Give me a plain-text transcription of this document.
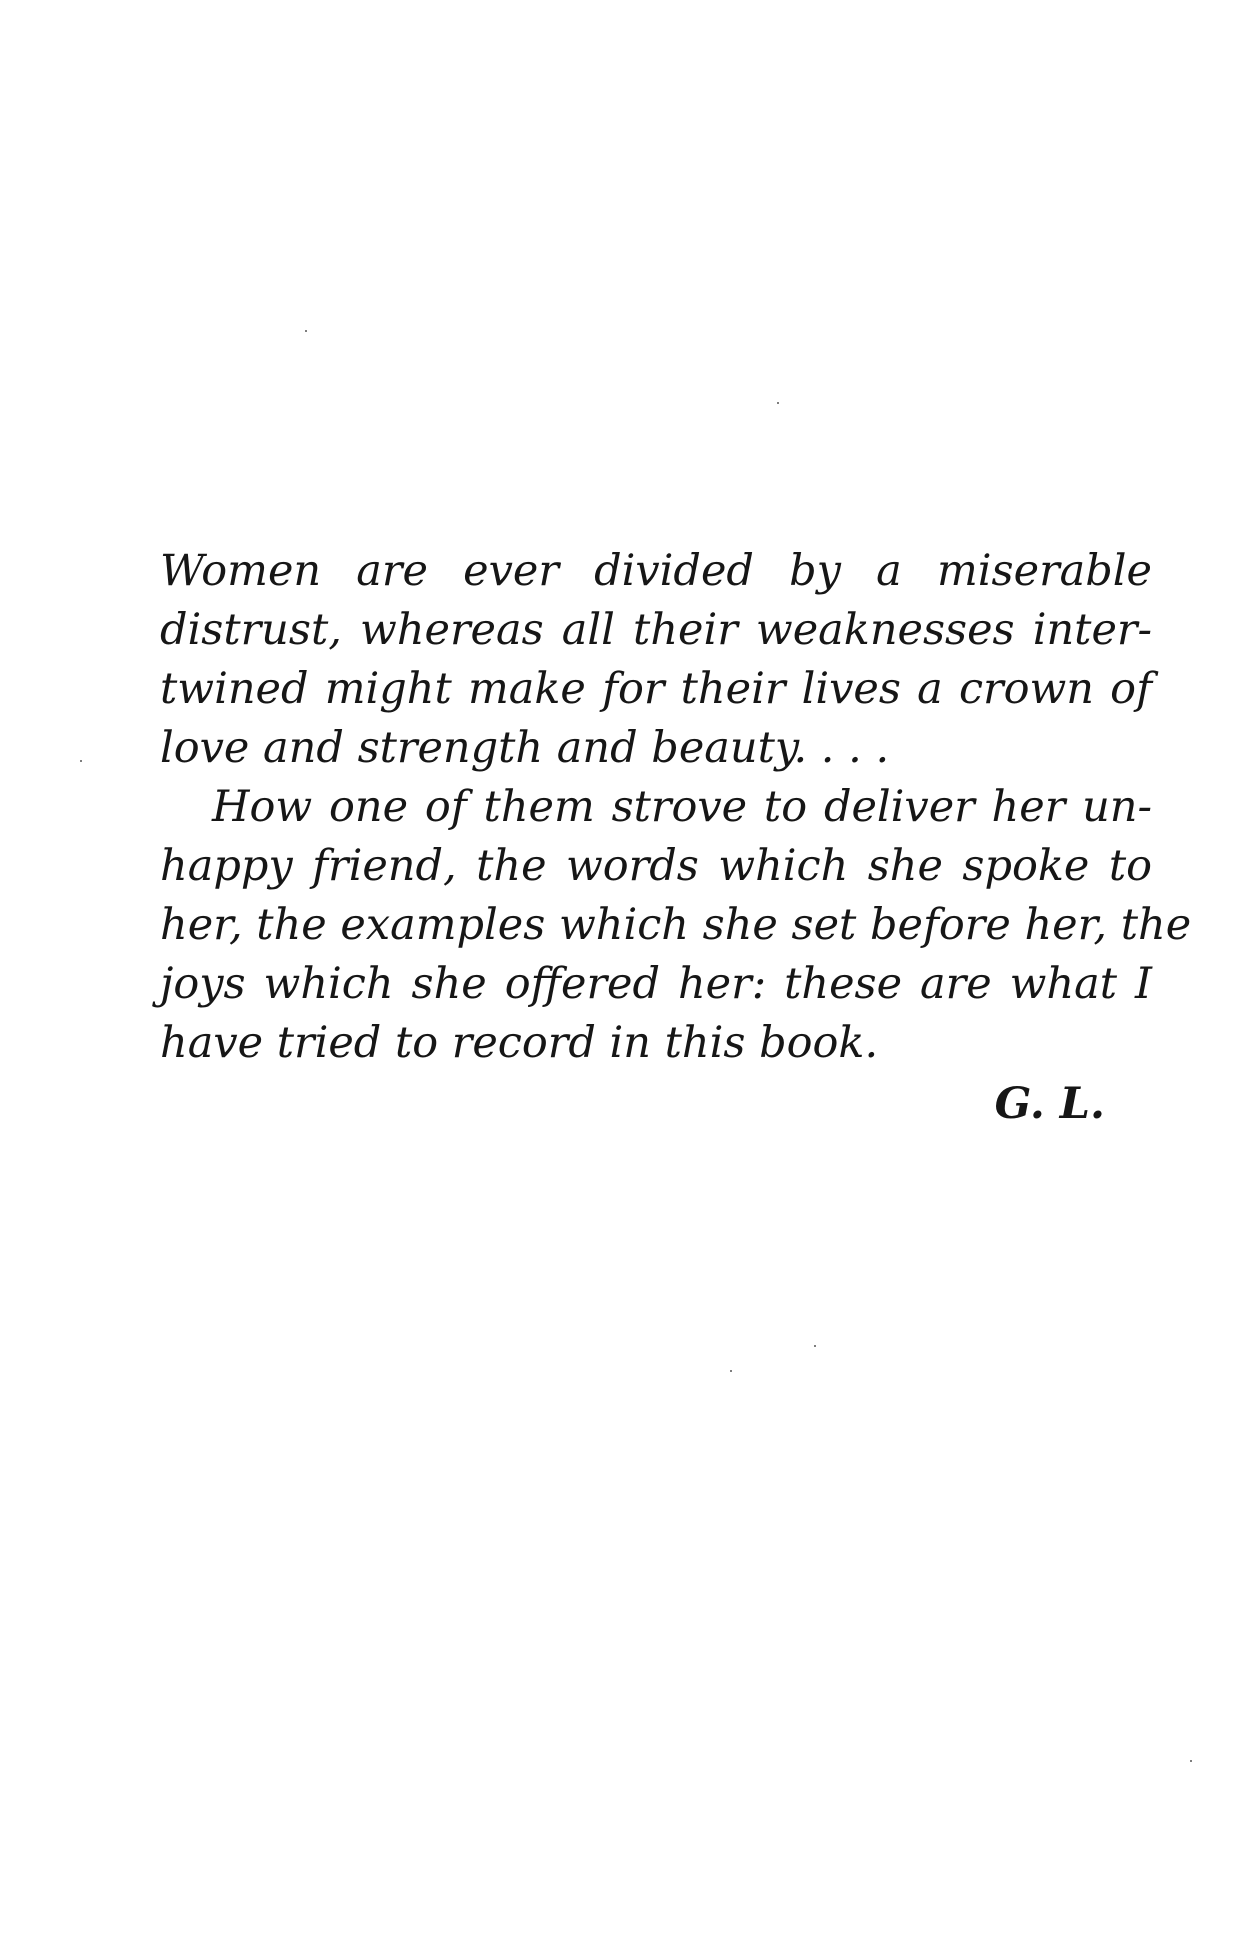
Women are ever divided by a miserable
distrust, whereas all their weaknesses inter-
twined might make for their lives a crown of
love and strength and beauty. . . .
How one of them strove to deliver her un-
happy friend, the words which she spoke to
her, the examples which she set before her, the
joys which she offered her: these are what I
have tried to record in this book.
G. L.
